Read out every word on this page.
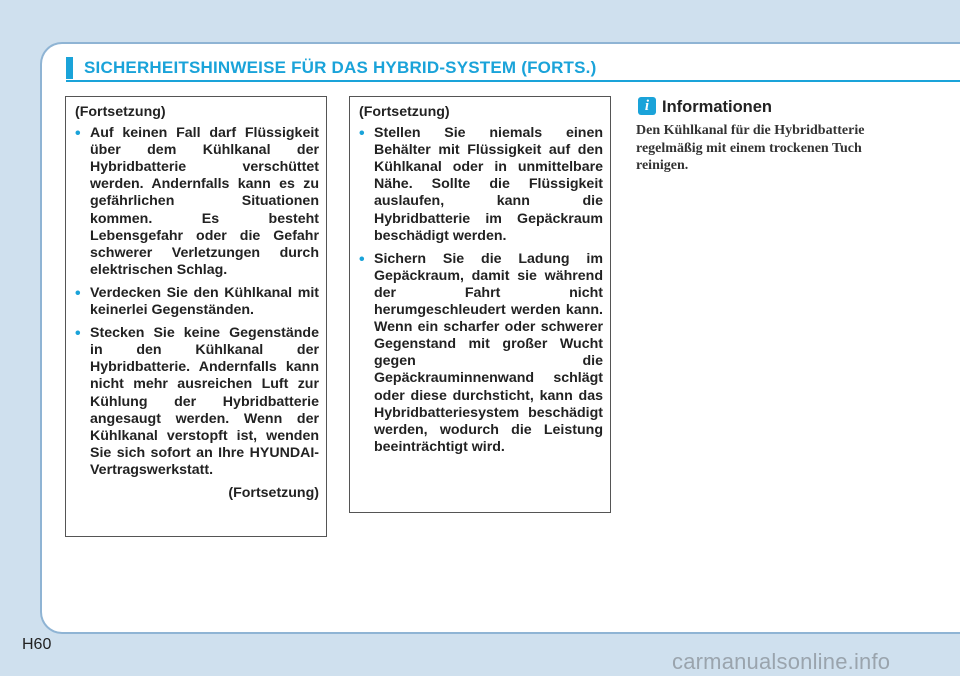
SICHERHEITSHINWEISE FÜR DAS HYBRID-SYSTEM (FORTS.)
(Fortsetzung)
• Auf keinen Fall darf Flüssigkeit über dem Kühlkanal der Hybridbatterie verschüttet werden. Andernfalls kann es zu gefährlichen Situationen kommen. Es besteht Lebensgefahr oder die Gefahr schwerer Verletzungen durch elektrischen Schlag.
• Verdecken Sie den Kühlkanal mit keinerlei Gegenständen.
• Stecken Sie keine Gegenstände in den Kühlkanal der Hybridbatterie. Andernfalls kann nicht mehr ausreichen Luft zur Kühlung der Hybridbatterie angesaugt werden. Wenn der Kühlkanal verstopft ist, wenden Sie sich sofort an Ihre HYUNDAI-Vertragswerkstatt.
(Fortsetzung)
(Fortsetzung)
• Stellen Sie niemals einen Behälter mit Flüssigkeit auf den Kühlkanal oder in unmittelbare Nähe. Sollte die Flüssigkeit auslaufen, kann die Hybridbatterie im Gepäckraum beschädigt werden.
• Sichern Sie die Ladung im Gepäckraum, damit sie während der Fahrt nicht herumgeschleudert werden kann. Wenn ein scharfer oder schwerer Gegenstand mit großer Wucht gegen die Gepäckrauminnenwand schlägt oder diese durchsticht, kann das Hybridbatteriesystem beschädigt werden, wodurch die Leistung beeinträchtigt wird.
i Informationen
Den Kühlkanal für die Hybridbatterie regelmäßig mit einem trockenen Tuch reinigen.
H60
carmanualsonline.info
